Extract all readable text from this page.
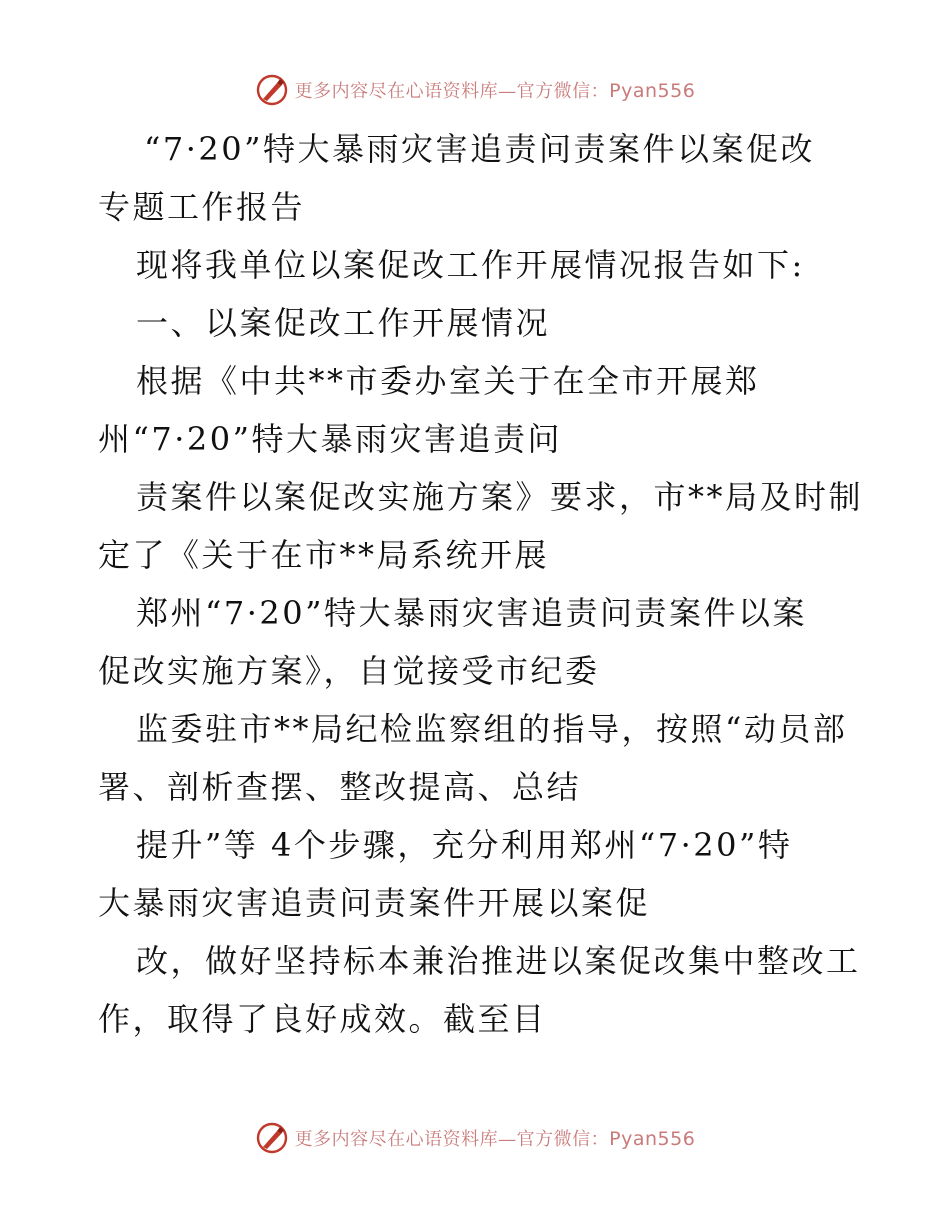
更多内容尽在心语资料库 — 官方微信： Pyan556
“7·20”特大暴雨灾害追责问责案件以案促改
专题工作报告
现将我单位以案促改工作开展情况报告如下:
一、以案促改工作开展情况
根据《中共**市委办室关于在全市开展郑
州“7·20”特大暴雨灾害追责问
责案件以案促改实施方案》要求，市**局及时制
定了《关于在市**局系统开展
郑州“7·20”特大暴雨灾害追责问责案件以案
促改实施方案》，自觉接受市纪委
监委驻市**局纪检监察组的指导，按照“动员部
署、剖析查摆、整改提高、总结
提升”等 4个步骤，充分利用郑州“7·20”特
大暴雨灾害追责问责案件开展以案促
改，做好坚持标本兼治推进以案促改集中整改工
作，取得了良好成效。截至目
更多内容尽在心语资料库 — 官方微信： Pyan556
